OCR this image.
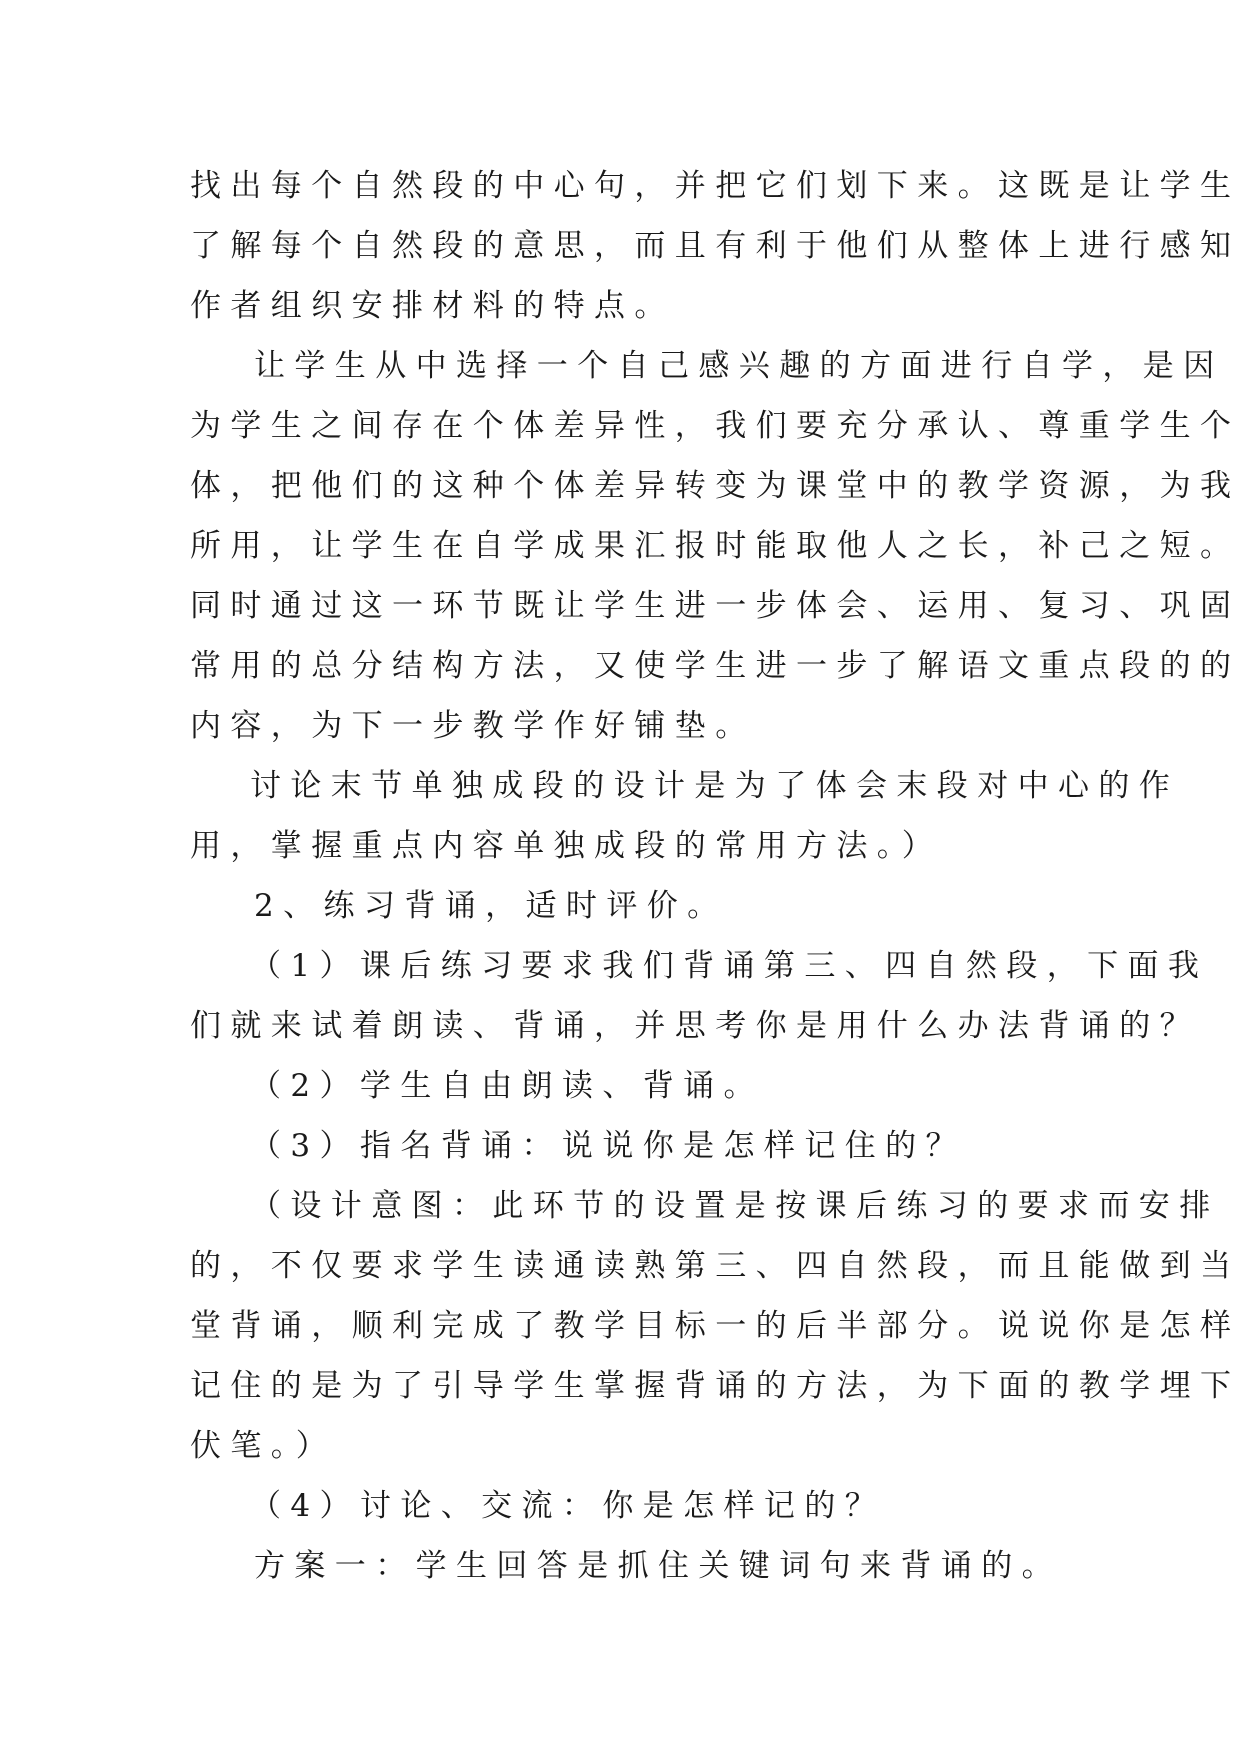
找出每个自然段的中心句，并把它们划下来。这既是让学生
了解每个自然段的意思，而且有利于他们从整体上进行感知
作者组织安排材料的特点。
让学生从中选择一个自己感兴趣的方面进行自学，是因
为学生之间存在个体差异性，我们要充分承认、尊重学生个
体，把他们的这种个体差异转变为课堂中的教学资源，为我
所用，让学生在自学成果汇报时能取他人之长，补己之短。
同时通过这一环节既让学生进一步体会、运用、复习、巩固
常用的总分结构方法，又使学生进一步了解语文重点段的的
内容，为下一步教学作好铺垫。
讨论末节单独成段的设计是为了体会末段对中心的作
用，掌握重点内容单独成段的常用方法。）
2、练习背诵，适时评价。
（1）课后练习要求我们背诵第三、四自然段，下面我
们就来试着朗读、背诵，并思考你是用什么办法背诵的？
（2）学生自由朗读、背诵。
（3）指名背诵：说说你是怎样记住的？
（设计意图：此环节的设置是按课后练习的要求而安排
的，不仅要求学生读通读熟第三、四自然段，而且能做到当
堂背诵，顺利完成了教学目标一的后半部分。说说你是怎样
记住的是为了引导学生掌握背诵的方法，为下面的教学埋下
伏笔。）
（4）讨论、交流：你是怎样记的？
方案一：学生回答是抓住关键词句来背诵的。
